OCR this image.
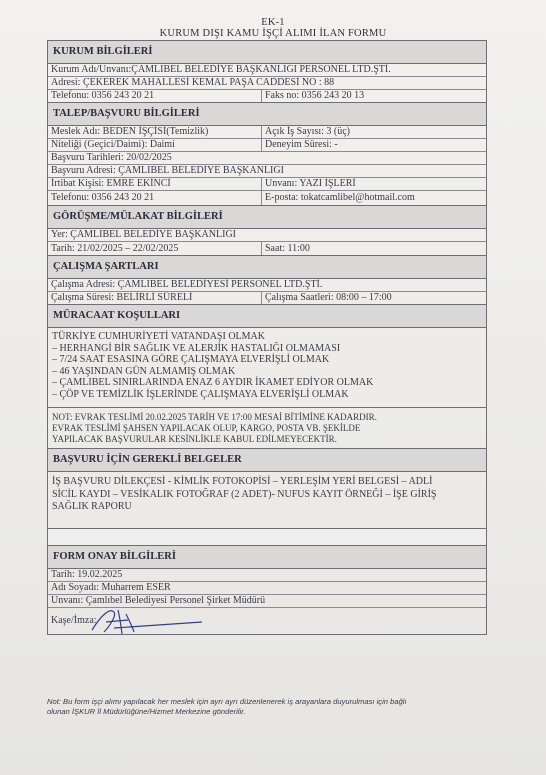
EK-1
KURUM DIŞI KAMU İŞÇİ ALIMI İLAN FORMU
KURUM BİLGİLERİ
Kurum Adı/Unvanı:ÇAMLIBEL BELEDİYE BAŞKANLIĞI PERSONEL LTD.ŞTİ.
Adresi: ÇEKEREK MAHALLESİ KEMAL PAŞA CADDESİ NO : 88
Telefonu: 0356 243 20 21	Faks no: 0356 243 20 13
TALEP/BAŞVURU BİLGİLERİ
Meslek Adı: BEDEN İŞÇİSİ(Temizlik)	Açık İş Sayısı: 3 (üç)
Niteliği (Geçici/Daimi): Daimi	Deneyim Süresi: -
Başvuru Tarihleri: 20/02/2025
Başvuru Adresi: ÇAMLIBEL BELEDİYE BAŞKANLIĞI
İrtibat Kişisi: EMRE EKİNCİ	Unvanı: YAZI İŞLERİ
Telefonu: 0356 243 20 21	E-posta: tokatcamlibel@hotmail.com
GÖRÜŞME/MÜLAKAT BİLGİLERİ
Yer: ÇAMLIBEL BELEDİYE BAŞKANLIĞI
Tarih: 21/02/2025 – 22/02/2025	Saat: 11:00
ÇALIŞMA ŞARTLARI
Çalışma Adresi: ÇAMLIBEL BELEDİYESİ PERSONEL LTD.ŞTİ.
Çalışma Süresi: BELİRLİ SÜRELİ	Çalışma Saatleri: 08:00 – 17:00
MÜRACAAT KOŞULLARI
TÜRKİYE CUMHURİYETİ VATANDAŞI OLMAK
– HERHANGİ BİR SAĞLIK VE ALERJİK HASTALIĞI OLMAMASI
– 7/24 SAAT ESASINA GÖRE ÇALIŞMAYA ELVERİŞLİ OLMAK
– 46 YAŞINDAN GÜN ALMAMIŞ OLMAK
– ÇAMLIBEL SINIRLARINDA ENAZ 6 AYDIR İKAMET EDİYOR OLMAK
– ÇÖP VE TEMİZLİK İŞLERİNDE ÇALIŞMAYA ELVERİŞLİ OLMAK
NOT: EVRAK TESLİMİ 20.02.2025 TARİH VE 17:00 MESAİ BİTİMİNE KADARDIR.
EVRAK TESLİMİ ŞAHSEN YAPILACAK OLUP, KARGO, POSTA VB. ŞEKİLDE
YAPILACAK BAŞVURULAR KESİNLİKLE KABUL EDİLMEYECEKTİR.
BAŞVURU İÇİN GEREKLİ BELGELER
İŞ BAŞVURU DİLEKÇESİ - KİMLİK FOTOKOPİSİ – YERLEŞİM YERİ BELGESİ – ADLİ
SİCİL KAYDI – VESİKALIK FOTOĞRAF (2 ADET)- NUFUS KAYIT ÖRNEĞİ – İŞE GİRİŞ
SAĞLIK RAPORU
FORM ONAY BİLGİLERİ
Tarih: 19.02.2025
Adı Soyadı: Muharrem ESER
Unvanı: Çamlıbel Belediyesi Personel Şirket Müdürü
Kaşe/İmza:
Not: Bu form işçi alımı yapılacak her meslek için ayrı ayrı düzenlenerek iş arayanlara duyurulması için bağlı
olunan İŞKUR İl Müdürlüğüne/Hizmet Merkezine gönderilir.
